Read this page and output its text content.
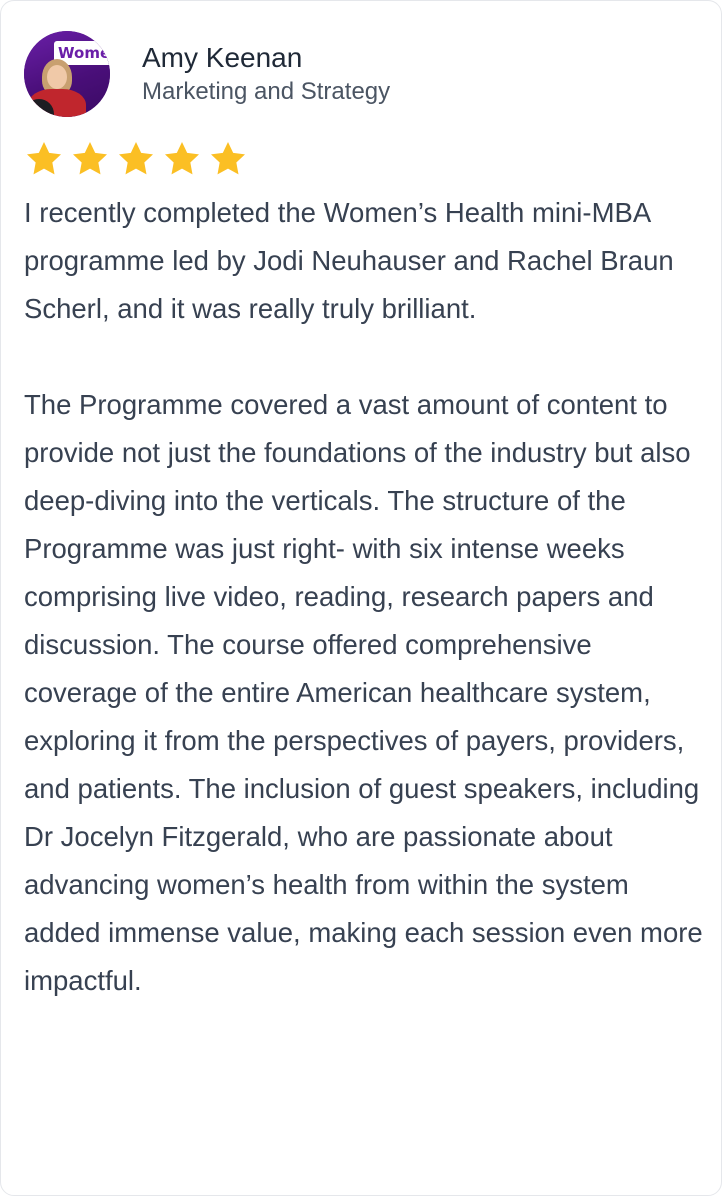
Wome Amy Keenan
Marketing and Strategy

I recently completed the Women’s Health mini-MBA programme led by Jodi Neuhauser and Rachel Braun Scherl, and it was really truly brilliant.

The Programme covered a vast amount of content to provide not just the foundations of the industry but also deep-diving into the verticals. The structure of the Programme was just right- with six intense weeks comprising live video, reading, research papers and discussion. The course offered comprehensive coverage of the entire American healthcare system, exploring it from the perspectives of payers, providers, and patients. The inclusion of guest speakers, including Dr Jocelyn Fitzgerald, who are passionate about advancing women’s health from within the system added immense value, making each session even more impactful.
